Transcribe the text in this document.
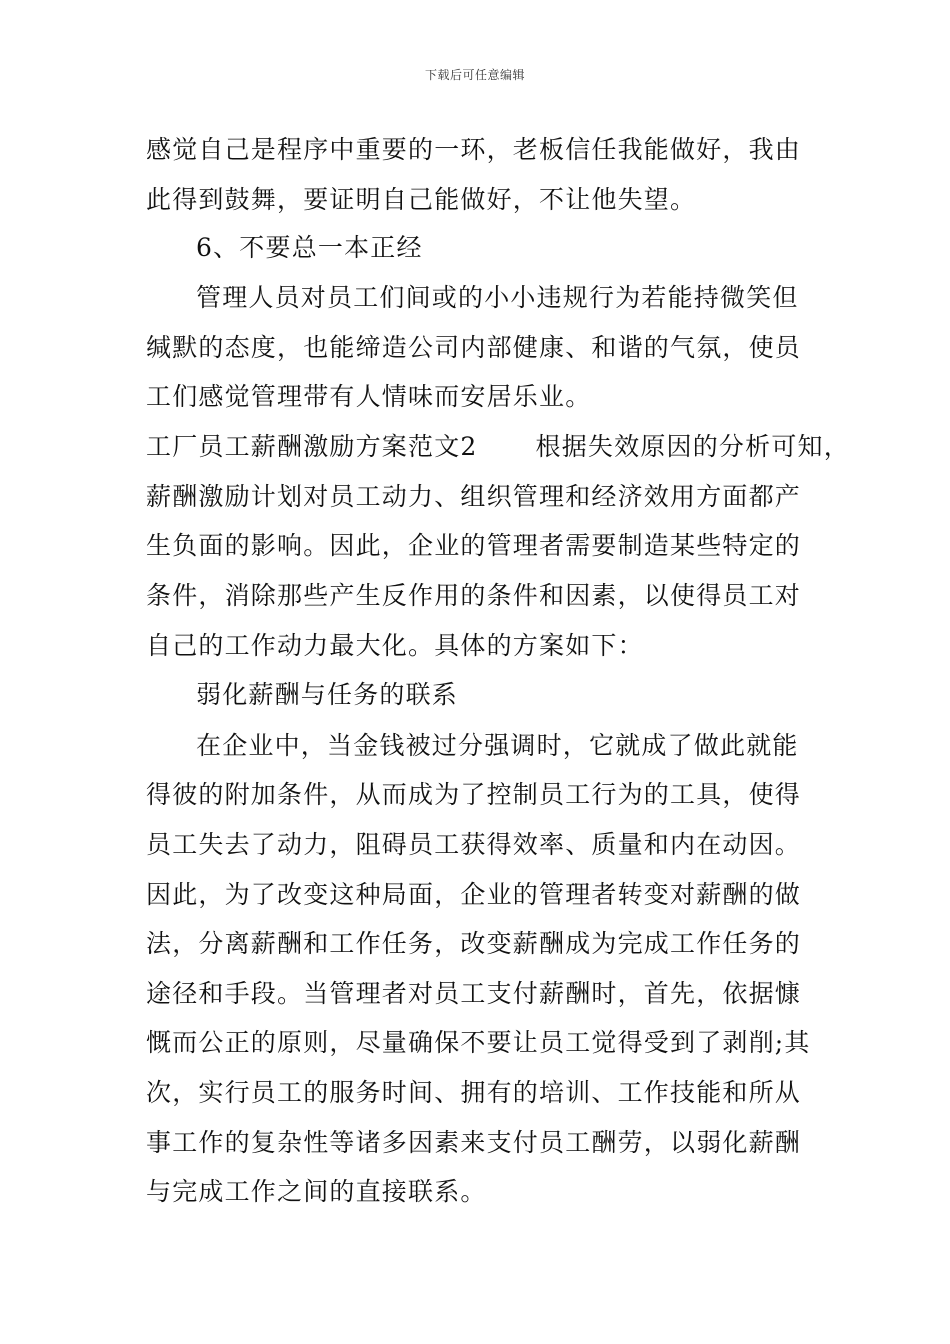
下载后可任意编辑
感觉自己是程序中重要的一环，老板信任我能做好，我由
此得到鼓舞，要证明自己能做好，不让他失望。
6、不要总一本正经
管理人员对员工们间或的小小违规行为若能持微笑但
缄默的态度，也能缔造公司内部健康、和谐的气氛，使员
工们感觉管理带有人情味而安居乐业。
工厂员工薪酬激励方案范文2 根据失效原因的分析可知，
薪酬激励计划对员工动力、组织管理和经济效用方面都产
生负面的影响。因此，企业的管理者需要制造某些特定的
条件，消除那些产生反作用的条件和因素，以使得员工对
自己的工作动力最大化。具体的方案如下：
弱化薪酬与任务的联系
在企业中，当金钱被过分强调时，它就成了做此就能
得彼的附加条件，从而成为了控制员工行为的工具，使得
员工失去了动力，阻碍员工获得效率、质量和内在动因。
因此，为了改变这种局面，企业的管理者转变对薪酬的做
法，分离薪酬和工作任务，改变薪酬成为完成工作任务的
途径和手段。当管理者对员工支付薪酬时，首先，依据慷
慨而公正的原则，尽量确保不要让员工觉得受到了剥削;其
次，实行员工的服务时间、拥有的培训、工作技能和所从
事工作的复杂性等诸多因素来支付员工酬劳，以弱化薪酬
与完成工作之间的直接联系。
